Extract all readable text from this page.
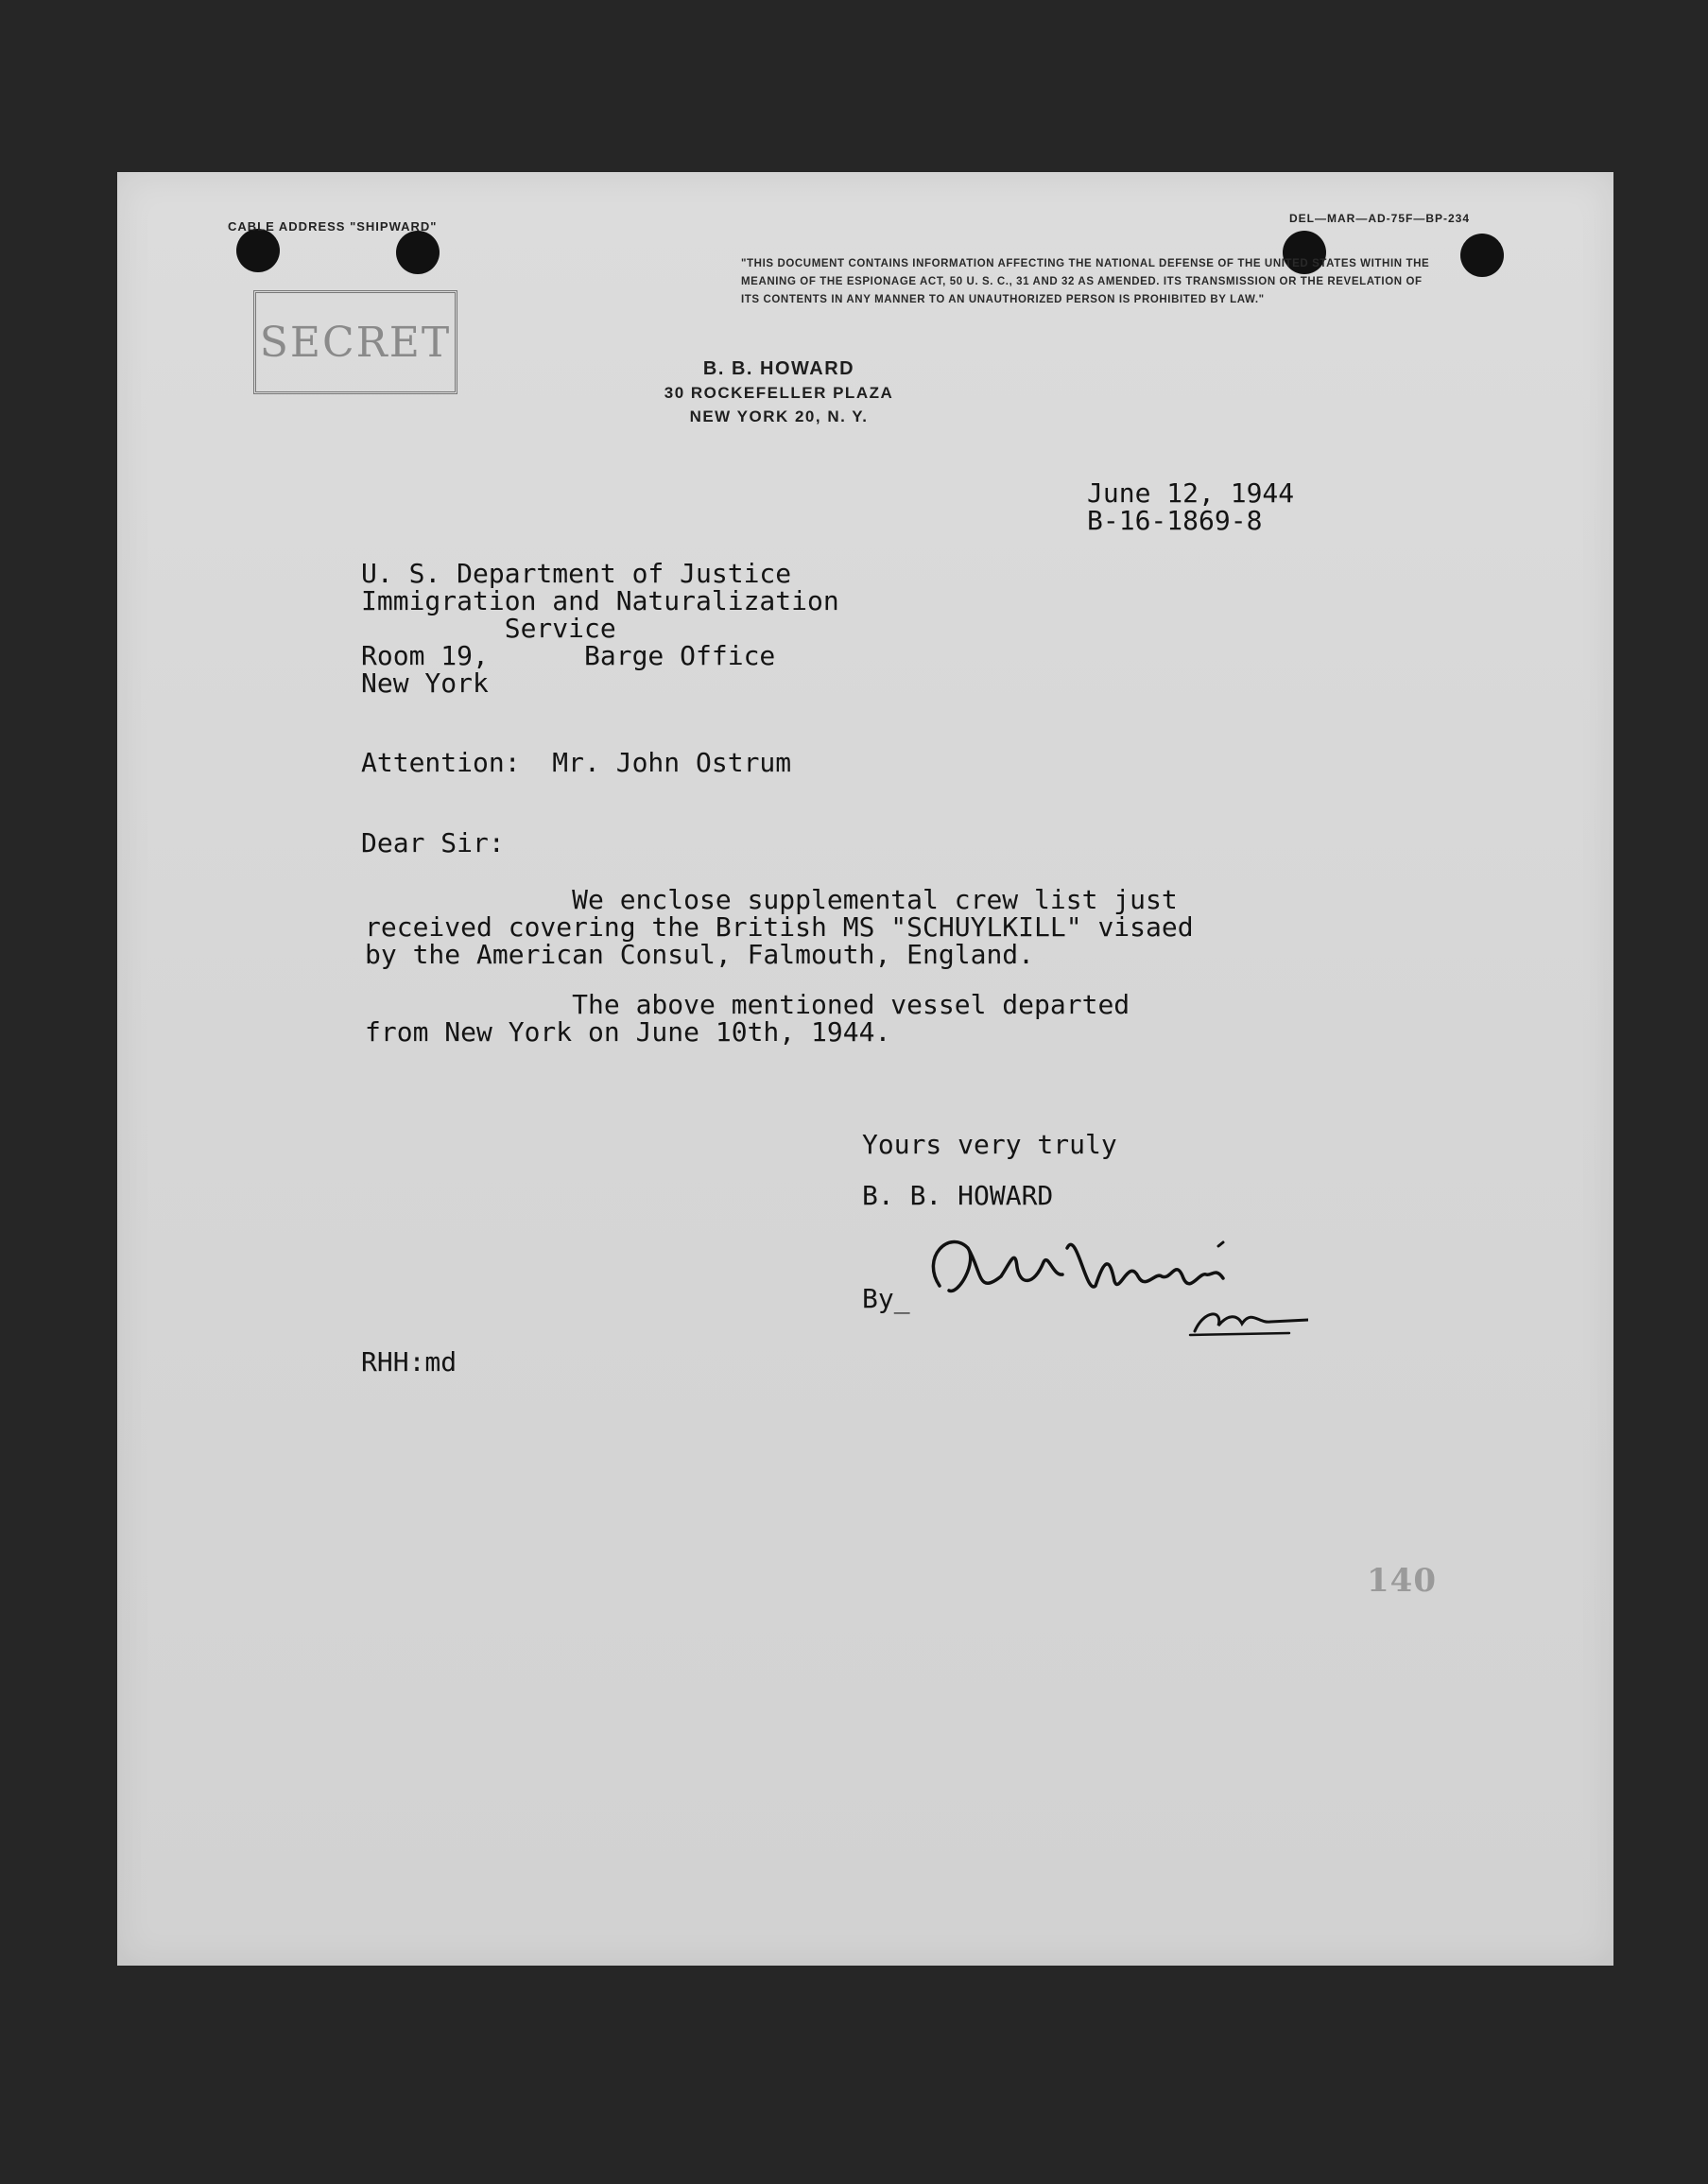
CABLE ADDRESS "SHIPWARD"
DEL—MAR—AD-75F—BP-234
"THIS DOCUMENT CONTAINS INFORMATION AFFECTING THE NATIONAL DEFENSE OF THE UNITED STATES WITHIN THE MEANING OF THE ESPIONAGE ACT, 50 U. S. C., 31 AND 32 AS AMENDED. ITS TRANSMISSION OR THE REVELATION OF ITS CONTENTS IN ANY MANNER TO AN UNAUTHORIZED PERSON IS PROHIBITED BY LAW."
SECRET
B. B. HOWARD
30 ROCKEFELLER PLAZA
NEW YORK 20, N. Y.
June 12, 1944
B-16-1869-8
U. S. Department of Justice
Immigration and Naturalization
Service
Room 19,      Barge Office
New York
Attention:  Mr. John Ostrum
Dear Sir:
We enclose supplemental crew list just
received covering the British MS "SCHUYLKILL" visaed
by the American Consul, Falmouth, England.
The above mentioned vessel departed
from New York on June 10th, 1944.
Yours very truly
B. B. HOWARD
By_
RHH:md
140
